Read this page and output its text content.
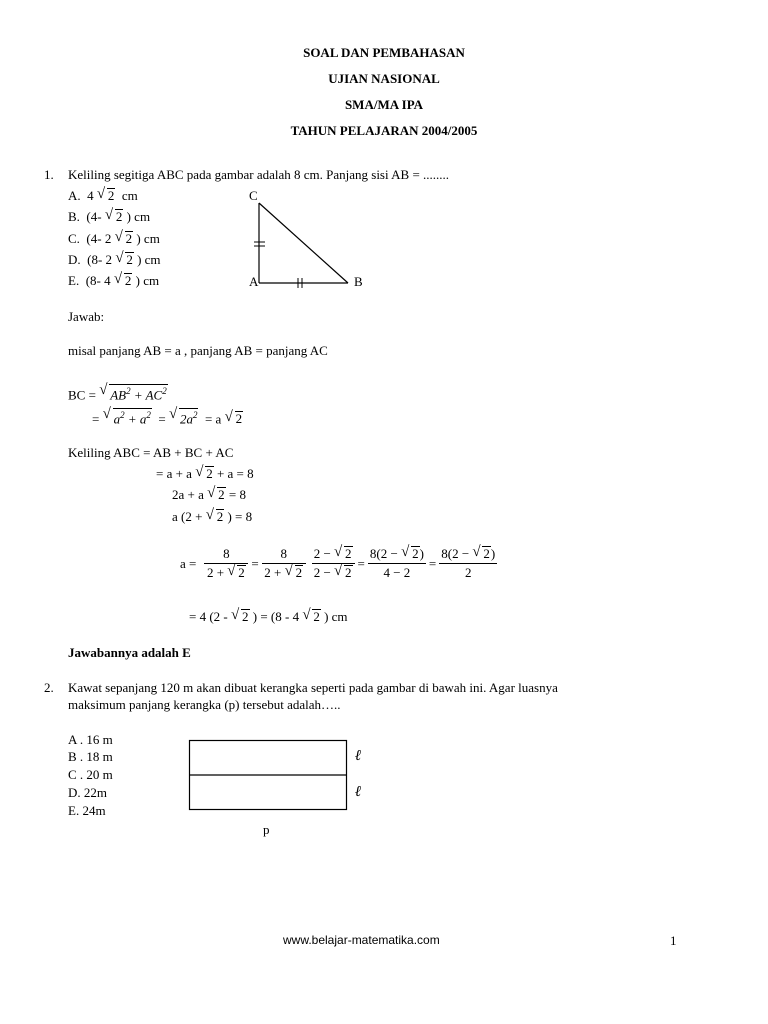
SOAL DAN PEMBAHASAN
UJIAN NASIONAL
SMA/MA IPA
TAHUN PELAJARAN 2004/2005
1. Keliling segitiga ABC pada gambar adalah 8 cm. Panjang sisi AB = ........
A. 4 √ 2 cm
B. (4- √ 2 ) cm
C. (4- 2 √ 2 ) cm
D. (8- 2 √ 2 ) cm
E. (8- 4 √ 2 ) cm
C
A	B
Jawab:
misal panjang AB = a , panjang AB = panjang AC
BC = √ $AB^2 + AC^2$
= √ $a^2 + a^2$ = √ $2a^2 = a$ √ 2
Keliling ABC = AB + BC + AC
= a + a √ 2 + a = 8
2a + a √ 2 = 8
a (2 + √ 2 ) = 8
$a = \frac{8}{2 + √ 2} = \frac{8}{2 + √ 2} \frac{2 - √ 2}{2 - √ 2} = \frac{8(2 - √ 2)}{4 - 2} = \frac{8(2 - √ 2)}{2}$
= 4 (2 - √ 2 ) = (8 - 4 √ 2 ) cm
Jawabannya adalah E
2. Kawat sepanjang 120 m akan dibuat kerangka seperti pada gambar di bawah ini. Agar luasnya
maksimum panjang kerangka (p) tersebut adalah…..
A . 16 m
B . 18 m
C . 20 m
D. 22m
E. 24m
ℓ
ℓ
p
www.belajar-matematika.com	1
